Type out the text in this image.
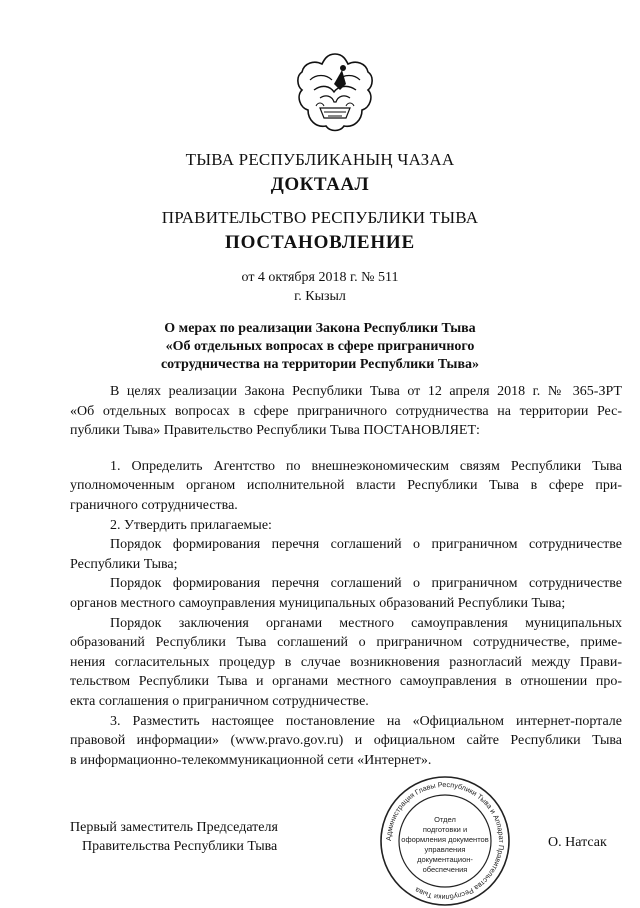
ТЫВА РЕСПУБЛИКАНЫҢ ЧАЗАА
ДОКТААЛ
ПРАВИТЕЛЬСТВО РЕСПУБЛИКИ ТЫВА
ПОСТАНОВЛЕНИЕ
от 4 октября 2018 г. № 511
г. Кызыл
О мерах по реализации Закона Республики Тыва
«Об отдельных вопросах в сфере приграничного
сотрудничества на территории Республики Тыва»
В целях реализации Закона Республики Тыва от 12 апреля 2018 г. № 365-ЗРТ
«Об отдельных вопросах в сфере приграничного сотрудничества на территории Рес-
публики Тыва» Правительство Республики Тыва ПОСТАНОВЛЯЕТ:
1. Определить Агентство по внешнеэкономическим связям Республики Тыва
уполномоченным органом исполнительной власти Республики Тыва в сфере при-
граничного сотрудничества.
2. Утвердить прилагаемые:
Порядок формирования перечня соглашений о приграничном сотрудничестве
Республики Тыва;
Порядок формирования перечня соглашений о приграничном сотрудничестве
органов местного самоуправления муниципальных образований Республики Тыва;
Порядок заключения органами местного самоуправления муниципальных
образований Республики Тыва соглашений о приграничном сотрудничестве, приме-
нения согласительных процедур в случае возникновения разногласий между Прави-
тельством Республики Тыва и органами местного самоуправления в отношении про-
екта соглашения о приграничном сотрудничестве.
3. Разместить настоящее постановление на «Официальном интернет-портале
правовой информации» (www.pravo.gov.ru) и официальном сайте Республики Тыва
в информационно-телекоммуникационной сети «Интернет».
Первый заместитель Председателя
Правительства Республики Тыва	О. Натсак
Администрация Главы Республики Тыва и Аппарат Правительства Республики Тыва
Отдел
подготовки и
оформления документов
управления
документацион-
обеспечения
